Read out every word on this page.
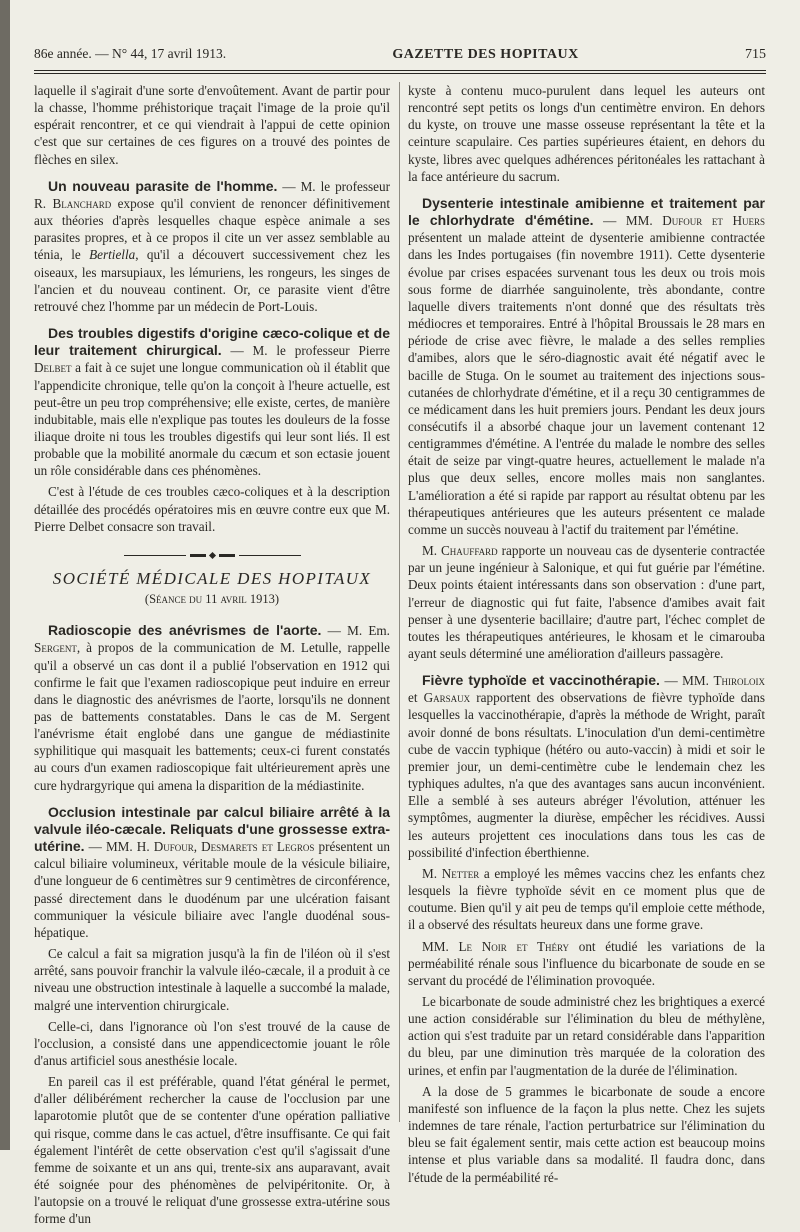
86e année. — N° 44, 17 avril 1913.	GAZETTE DES HOPITAUX	715

laquelle il s'agirait d'une sorte d'envoûtement. Avant de partir pour la chasse, l'homme préhistorique traçait l'image de la proie qu'il espérait rencontrer, et ce qui viendrait à l'appui de cette opinion c'est que sur certaines de ces figures on a trouvé des pointes de flèches en silex.

Un nouveau parasite de l'homme. — M. le professeur R. Blanchard expose qu'il convient de renoncer définitivement aux théories d'après lesquelles chaque espèce animale a ses parasites propres, et à ce propos il cite un ver assez semblable au ténia, le Bertiella, qu'il a découvert successivement chez les oiseaux, les marsupiaux, les lémuriens, les rongeurs, les singes de l'ancien et du nouveau continent. Or, ce parasite vient d'être retrouvé chez l'homme par un médecin de Port-Louis.

Des troubles digestifs d'origine cæco-colique et de leur traitement chirurgical. — M. le professeur Pierre Delbet a fait à ce sujet une longue communication où il établit que l'appendicite chronique, telle qu'on la conçoit à l'heure actuelle, est peut-être un peu trop compréhensive; elle existe, certes, de manière indubitable, mais elle n'explique pas toutes les douleurs de la fosse iliaque droite ni tous les troubles digestifs qui leur sont liés. Il est probable que la mobilité anormale du cæcum et son ectasie jouent un rôle considérable dans ces phénomènes.

C'est à l'étude de ces troubles cæco-coliques et à la description détaillée des procédés opératoires mis en œuvre contre eux que M. Pierre Delbet consacre son travail.

SOCIÉTÉ MÉDICALE DES HOPITAUX
(Séance du 11 avril 1913)

Radioscopie des anévrismes de l'aorte. — M. Em. Sergent, à propos de la communication de M. Letulle, rappelle qu'il a observé un cas dont il a publié l'observation en 1912 qui confirme le fait que l'examen radioscopique peut induire en erreur dans le diagnostic des anévrismes de l'aorte, lorsqu'ils ne donnent pas de battements constatables. Dans le cas de M. Sergent l'anévrisme était englobé dans une gangue de médiastinite syphilitique qui masquait les battements; ceux-ci furent constatés au cours d'un examen radioscopique fait ultérieurement après une cure hydrargyrique qui amena la disparition de la médiastinite.

Occlusion intestinale par calcul biliaire arrêté à la valvule iléo-cæcale. Reliquats d'une grossesse extra-utérine. — MM. H. Dufour, Desmarets et Legros présentent un calcul biliaire volumineux, véritable moule de la vésicule biliaire, d'une longueur de 6 centimètres sur 9 centimètres de circonférence, passé directement dans le duodénum par une ulcération faisant communiquer la vésicule biliaire avec l'angle duodénal sous-hépatique.

Ce calcul a fait sa migration jusqu'à la fin de l'iléon où il s'est arrêté, sans pouvoir franchir la valvule iléo-cæcale, il a produit à ce niveau une obstruction intestinale à laquelle a succombé la malade, malgré une intervention chirurgicale.

Celle-ci, dans l'ignorance où l'on s'est trouvé de la cause de l'occlusion, a consisté dans une appendicectomie jouant le rôle d'anus artificiel sous anesthésie locale.

En pareil cas il est préférable, quand l'état général le permet, d'aller délibérément rechercher la cause de l'occlusion par une laparotomie plutôt que de se contenter d'une opération palliative qui risque, comme dans le cas actuel, d'être insuffisante. Ce qui fait également l'intérêt de cette observation c'est qu'il s'agissait d'une femme de soixante et un ans qui, trente-six ans auparavant, avait été soignée pour des phénomènes de pelvipéritonite. Or, à l'autopsie on a trouvé le reliquat d'une grossesse extra-utérine sous forme d'un

kyste à contenu muco-purulent dans lequel les auteurs ont rencontré sept petits os longs d'un centimètre environ. En dehors du kyste, on trouve une masse osseuse représentant la tête et la ceinture scapulaire. Ces parties supérieures étaient, en dehors du kyste, libres avec quelques adhérences péritonéales les rattachant à la face antérieure du sacrum.

Dysenterie intestinale amibienne et traitement par le chlorhydrate d'émétine. — MM. Dufour et Huers présentent un malade atteint de dysenterie amibienne contractée dans les Indes portugaises (fin novembre 1911). Cette dysenterie évolue par crises espacées survenant tous les deux ou trois mois sous forme de diarrhée sanguinolente, très abondante, contre laquelle divers traitements n'ont donné que des résultats très médiocres et temporaires. Entré à l'hôpital Broussais le 28 mars en période de crise avec fièvre, le malade a des selles remplies d'amibes, alors que le séro-diagnostic avait été négatif avec le bacille de Stuga. On le soumet au traitement des injections sous-cutanées de chlorhydrate d'émétine, et il a reçu 30 centigrammes de ce médicament dans les huit premiers jours. Pendant les deux jours consécutifs il a absorbé chaque jour un lavement contenant 12 centigrammes d'émétine. A l'entrée du malade le nombre des selles était de seize par vingt-quatre heures, actuellement le malade n'a plus que deux selles, encore molles mais non sanglantes. L'amélioration a été si rapide par rapport au résultat obtenu par les thérapeutiques antérieures que les auteurs présentent ce malade comme un succès nouveau à l'actif du traitement par l'émétine.

M. Chauffard rapporte un nouveau cas de dysenterie contractée par un jeune ingénieur à Salonique, et qui fut guérie par l'émétine. Deux points étaient intéressants dans son observation : d'une part, l'erreur de diagnostic qui fut faite, l'absence d'amibes avait fait penser à une dysenterie bacillaire; d'autre part, l'échec complet de toutes les thérapeutiques antérieures, le khosam et le cimarouba ayant seuls déterminé une amélioration d'ailleurs passagère.

Fièvre typhoïde et vaccinothérapie. — MM. Thiroloix et Garsaux rapportent des observations de fièvre typhoïde dans lesquelles la vaccinothérapie, d'après la méthode de Wright, paraît avoir donné de bons résultats. L'inoculation d'un demi-centimètre cube de vaccin typhique (hétéro ou auto-vaccin) à midi et soir le premier jour, un demi-centimètre cube le lendemain chez les typhiques adultes, n'a que des avantages sans aucun inconvénient. Elle a semblé à ses auteurs abréger l'évolution, atténuer les symptômes, augmenter la diurèse, empêcher les récidives. Aussi les auteurs projettent ces inoculations dans tous les cas de possibilité d'infection éberthienne.

M. Netter a employé les mêmes vaccins chez les enfants chez lesquels la fièvre typhoïde sévit en ce moment plus que de coutume. Bien qu'il y ait peu de temps qu'il emploie cette méthode, il a observé des résultats heureux dans une forme grave.

MM. Le Noir et Théry ont étudié les variations de la perméabilité rénale sous l'influence du bicarbonate de soude en se servant du procédé de l'élimination provoquée.

Le bicarbonate de soude administré chez les brightiques a exercé une action considérable sur l'élimination du bleu de méthylène, action qui s'est traduite par un retard considérable dans l'apparition du bleu, par une diminution très marquée de la coloration des urines, et enfin par l'augmentation de la durée de l'élimination.

A la dose de 5 grammes le bicarbonate de soude a encore manifesté son influence de la façon la plus nette. Chez les sujets indemnes de tare rénale, l'action perturbatrice sur l'élimination du bleu se fait également sentir, mais cette action est beaucoup moins intense et plus variable dans sa modalité. Il faudra donc, dans l'étude de la perméabilité ré-
